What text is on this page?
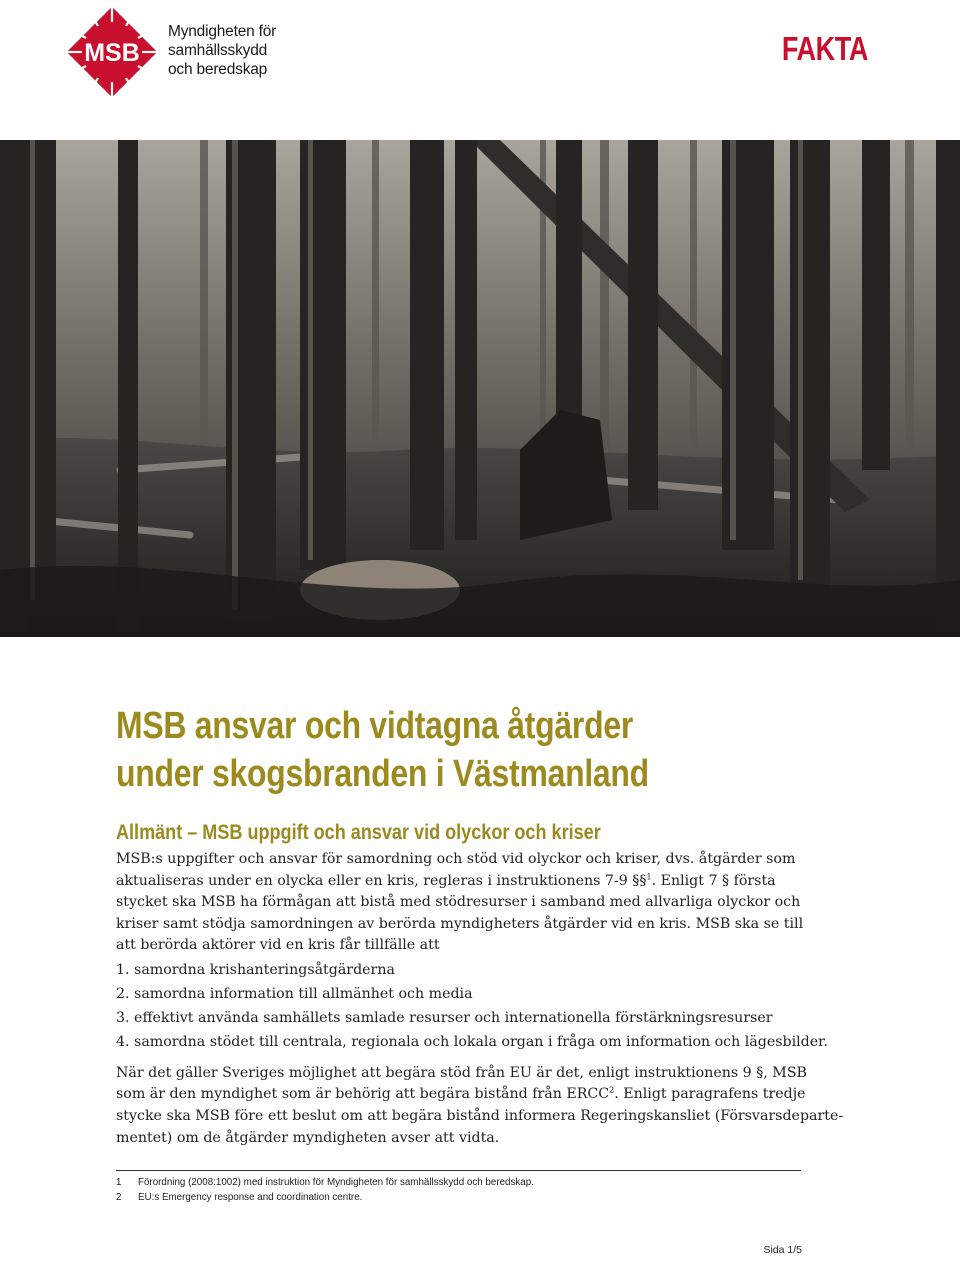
MSB
Myndigheten för
samhällsskydd
och beredskap
FAKTA
MSB ansvar och vidtagna åtgärder
under skogsbranden i Västmanland
Allmänt – MSB uppgift och ansvar vid olyckor och kriser

MSB:s uppgifter och ansvar för samordning och stöd vid olyckor och kriser, dvs. åtgärder som
aktualiseras under en olycka eller en kris, regleras i instruktionens 7-9 §§$^1$. Enligt 7 § första
stycket ska MSB ha förmågan att bistå med stödresurser i samband med allvarliga olyckor och
kriser samt stödja samordningen av berörda myndigheters åtgärder vid en kris. MSB ska se till
att berörda aktörer vid en kris får tillfälle att

1. samordna krishanteringsåtgärderna
2. samordna information till allmänhet och media
3. effektivt använda samhällets samlade resurser och internationella förstärkningsresurser
4. samordna stödet till centrala, regionala och lokala organ i fråga om information och lägesbilder.

När det gäller Sveriges möjlighet att begära stöd från EU är det, enligt instruktionens 9 §, MSB
som är den myndighet som är behörig att begära bistånd från ERCC$^2$. Enligt paragrafens tredje
stycke ska MSB före ett beslut om att begära bistånd informera Regeringskansliet (Försvarsdeparte-
mentet) om de åtgärder myndigheten avser att vidta.

1 Förordning (2008:1002) med instruktion för Myndigheten för samhällsskydd och beredskap.
2 EU:s Emergency response and coordination centre.
Sida 1/5
